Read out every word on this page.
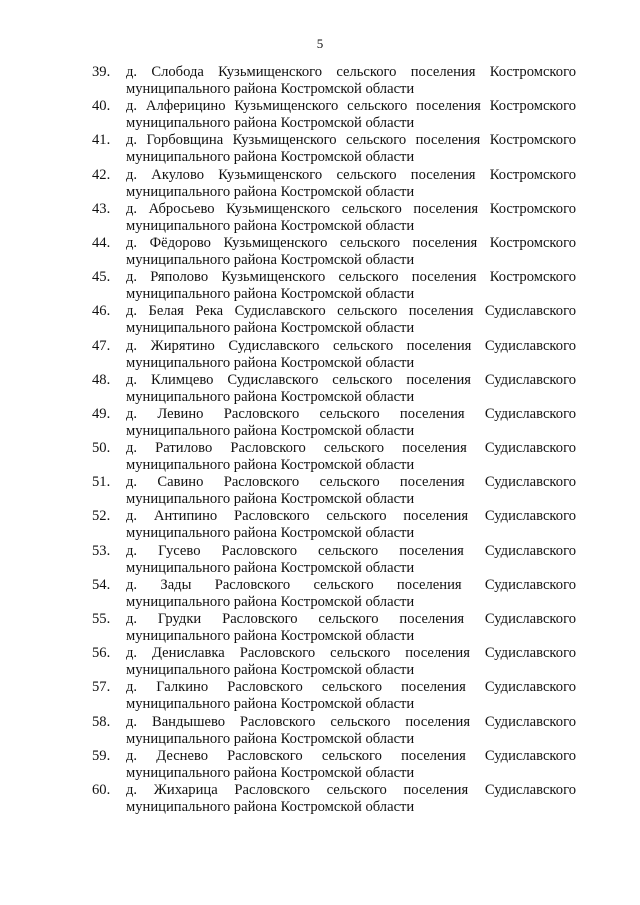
5
39.	д. Слобода Кузьмищенского сельского поселения Костромского
муниципального района Костромской области
40.	д. Алферицино Кузьмищенского сельского поселения Костромского
муниципального района Костромской области
41.	д. Горбовщина Кузьмищенского сельского поселения Костромского
муниципального района Костромской области
42.	д. Акулово Кузьмищенского сельского поселения Костромского
муниципального района Костромской области
43.	д. Абросьево Кузьмищенского сельского поселения Костромского
муниципального района Костромской области
44.	д. Фёдорово Кузьмищенского сельского поселения Костромского
муниципального района Костромской области
45.	д. Ряполово Кузьмищенского сельского поселения Костромского
муниципального района Костромской области
46.	д. Белая Река Судиславского сельского поселения Судиславского
муниципального района Костромской области
47.	д. Жирятино Судиславского сельского поселения Судиславского
муниципального района Костромской области
48.	д. Климцево Судиславского сельского поселения Судиславского
муниципального района Костромской области
49.	д. Левино Расловского сельского поселения Судиславского
муниципального района Костромской области
50.	д. Ратилово Расловского сельского поселения Судиславского
муниципального района Костромской области
51.	д. Савино Расловского сельского поселения Судиславского
муниципального района Костромской области
52.	д. Антипино Расловского сельского поселения Судиславского
муниципального района Костромской области
53.	д. Гусево Расловского сельского поселения Судиславского
муниципального района Костромской области
54.	д. Зады Расловского сельского поселения Судиславского
муниципального района Костромской области
55.	д. Грудки Расловского сельского поселения Судиславского
муниципального района Костромской области
56.	д. Дениславка Расловского сельского поселения Судиславского
муниципального района Костромской области
57.	д. Галкино Расловского сельского поселения Судиславского
муниципального района Костромской области
58.	д. Вандышево Расловского сельского поселения Судиславского
муниципального района Костромской области
59.	д. Деснево Расловского сельского поселения Судиславского
муниципального района Костромской области
60.	д. Жихарица Расловского сельского поселения Судиславского
муниципального района Костромской области
